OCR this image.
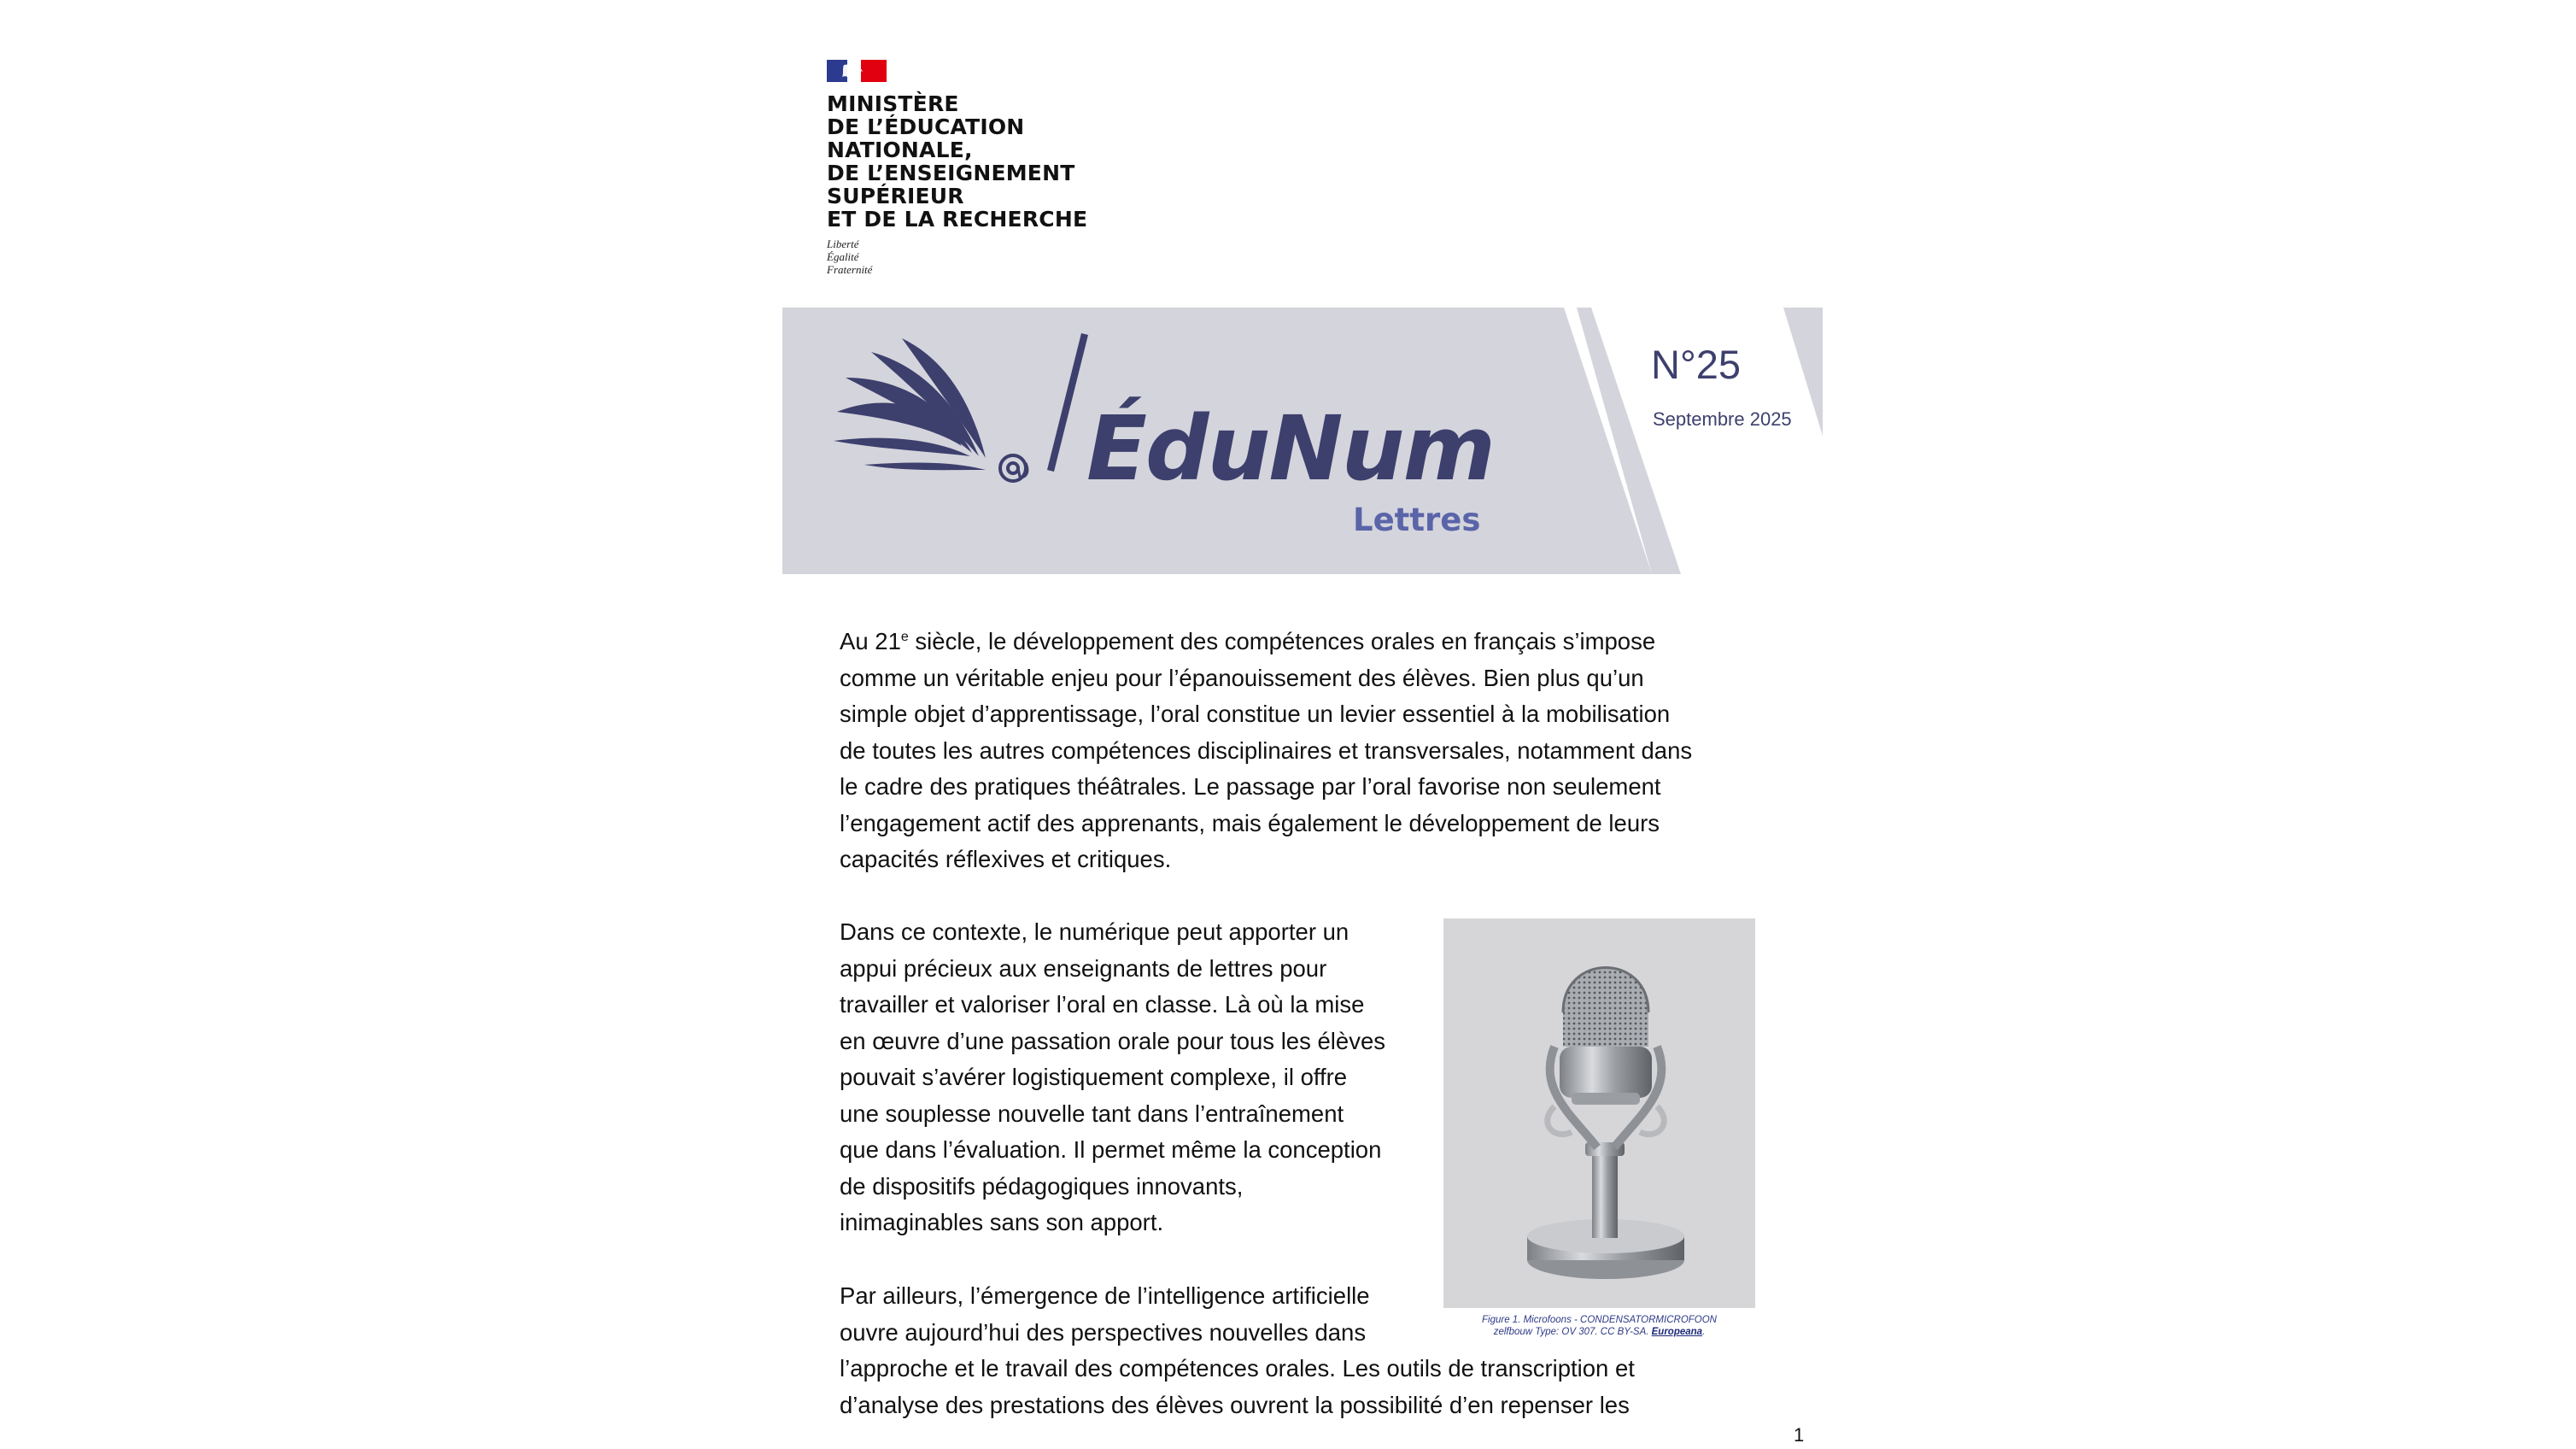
MINISTÈRE
DE L’ÉDUCATION
NATIONALE,
DE L’ENSEIGNEMENT
SUPÉRIEUR
ET DE LA RECHERCHE
Liberté
Égalité
Fraternité
ÉduNum
Lettres
N°25
Septembre 2025
Au 21e siècle, le développement des compétences orales en français s’impose
comme un véritable enjeu pour l’épanouissement des élèves. Bien plus qu’un
simple objet d’apprentissage, l’oral constitue un levier essentiel à la mobilisation
de toutes les autres compétences disciplinaires et transversales, notamment dans
le cadre des pratiques théâtrales. Le passage par l’oral favorise non seulement
l’engagement actif des apprenants, mais également le développement de leurs
capacités réflexives et critiques.
Dans ce contexte, le numérique peut apporter un
appui précieux aux enseignants de lettres pour
travailler et valoriser l’oral en classe. Là où la mise
en œuvre d’une passation orale pour tous les élèves
pouvait s’avérer logistiquement complexe, il offre
une souplesse nouvelle tant dans l’entraînement
que dans l’évaluation. Il permet même la conception
de dispositifs pédagogiques innovants,
inimaginables sans son apport.
Figure 1. Microfoons - CONDENSATORMICROFOON
zelfbouw Type: OV 307. CC BY-SA. Europeana.
Par ailleurs, l’émergence de l’intelligence artificielle
ouvre aujourd’hui des perspectives nouvelles dans
l’approche et le travail des compétences orales. Les outils de transcription et
d’analyse des prestations des élèves ouvrent la possibilité d’en repenser les
1
